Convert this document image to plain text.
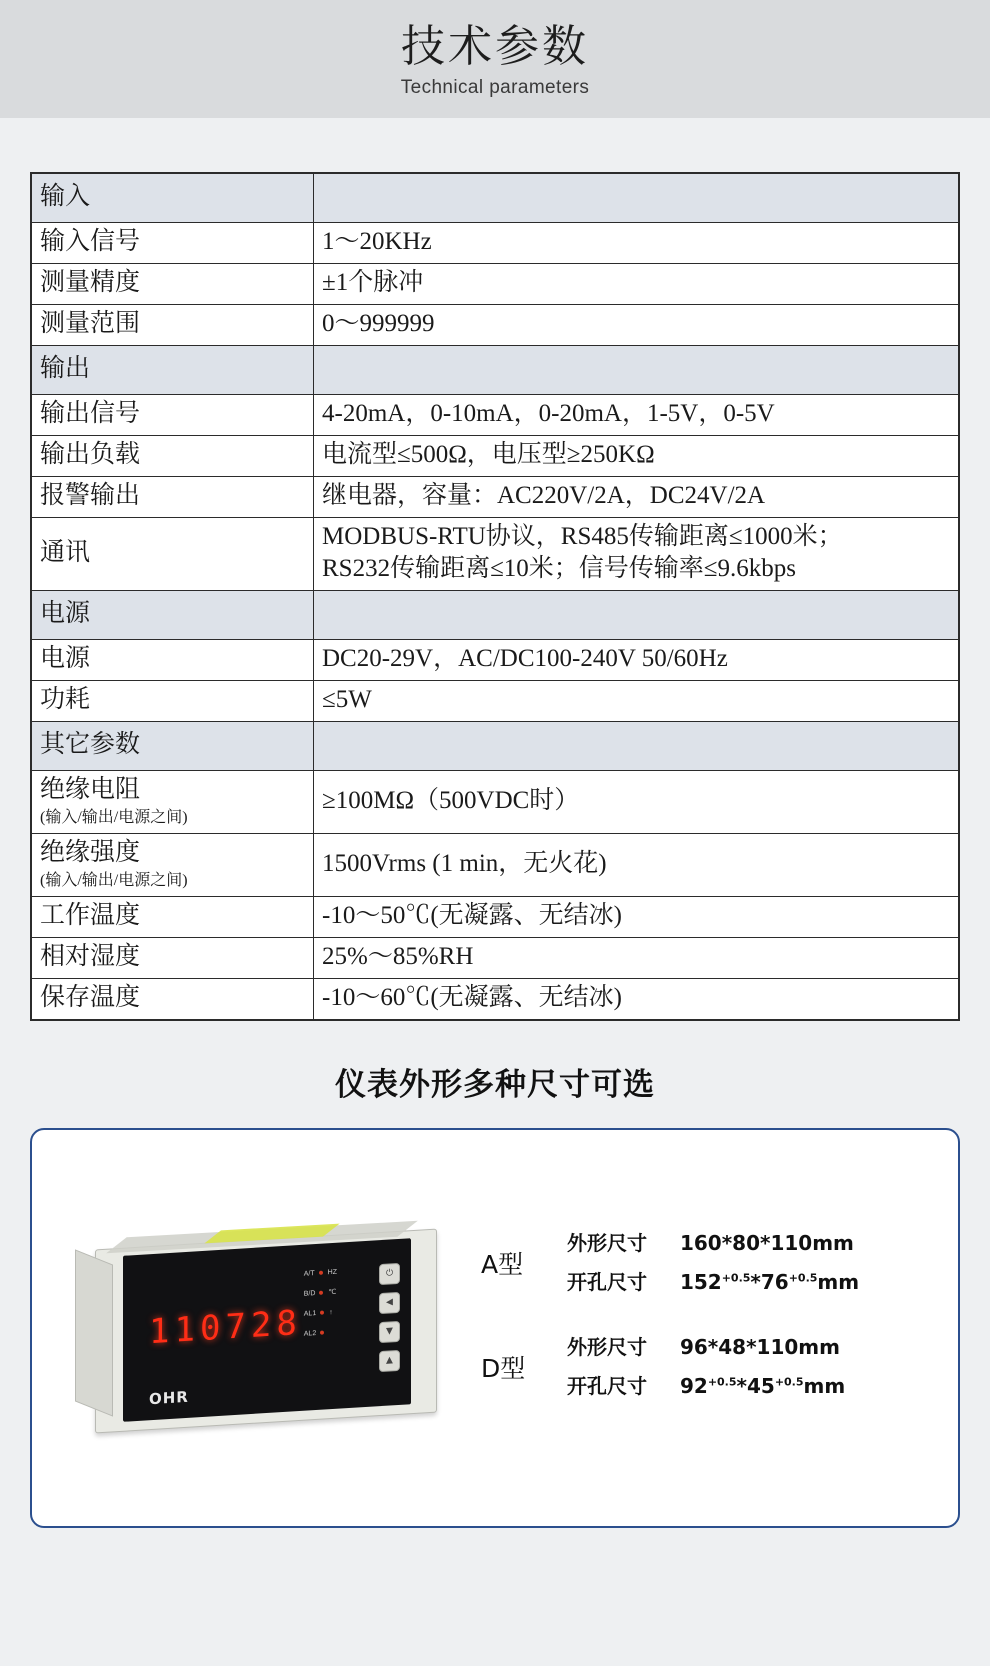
技术参数
Technical parameters
输入	
输入信号	1～20KHz
测量精度	±1个脉冲
测量范围	0～999999
输出	
输出信号	4-20mA，0-10mA，0-20mA，1-5V，0-5V
输出负载	电流型≤500Ω，电压型≥250KΩ
报警输出	继电器，容量：AC220V/2A，DC24V/2A
通讯	MODBUS-RTU协议，RS485传输距离≤1000米；
RS232传输距离≤10米；信号传输率≤9.6kbps

电源	
电源	DC20-29V，AC/DC100-240V 50/60Hz
功耗	≤5W
其它参数	
绝缘电阻
(输入/输出/电源之间)	≥100MΩ（500VDC时）
绝缘强度
(输入/输出/电源之间)	1500Vrms (1 min，无火花)
工作温度	-10～50℃(无凝露、无结冰)
相对湿度	25%～85%RH
保存温度	-10～60℃(无凝露、无结冰)
仪表外形多种尺寸可选
110728
A/T HZ
B/D ℃
AL1 ↑
AL2
OHR
⏻
◀
▼
▲
A型
外形尺寸 160*80*110mm
开孔尺寸 $152^{+0.5}*76^{+0.5}mm$
D型
外形尺寸 96*48*110mm
开孔尺寸 $92^{+0.5}*45^{+0.5}mm$
